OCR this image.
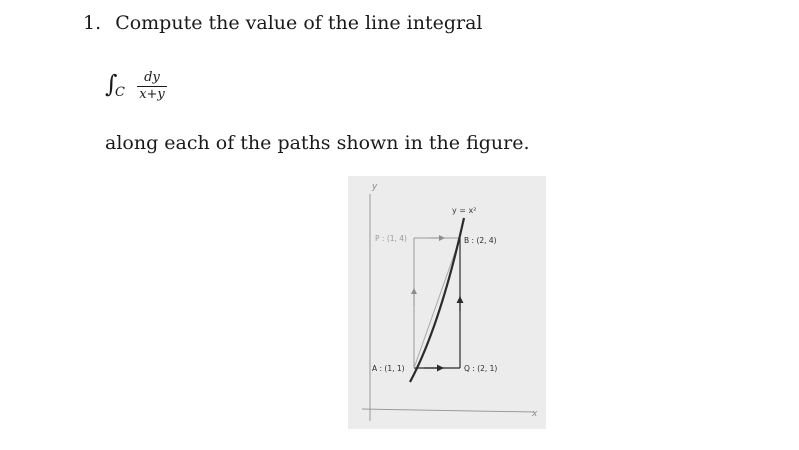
1. Compute the value of the line integral
∫
C
dy
x+y
along each of the paths shown in the figure.
y
x
y = x²
P : (1, 4)	B : (2, 4)
A : (1, 1)	Q : (2, 1)
